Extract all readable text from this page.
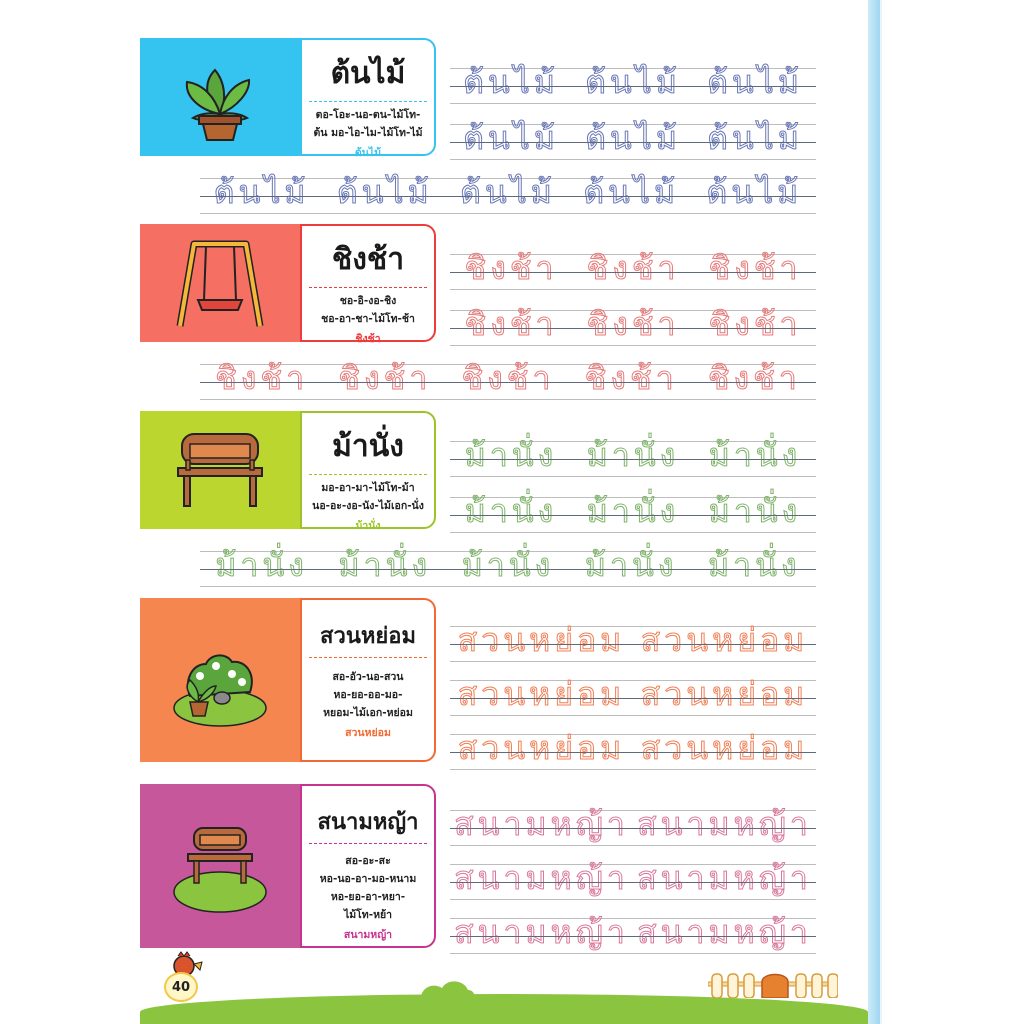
ต้นไม้
ตอ-โอะ-นอ-ตน-ไม้โท-
ต้น มอ-ไอ-ไม-ไม้โท-ไม้
ต้นไม้
ต้นไม้ ต้นไม้ ต้นไม้
ต้นไม้ ต้นไม้ ต้นไม้
ต้นไม้ ต้นไม้ ต้นไม้ ต้นไม้ ต้นไม้
ชิงช้า
ชอ-อิ-งอ-ชิง
ชอ-อา-ชา-ไม้โท-ช้า
ชิงช้า
ชิงช้า ชิงช้า ชิงช้า
ชิงช้า ชิงช้า ชิงช้า
ชิงช้า ชิงช้า ชิงช้า ชิงช้า ชิงช้า
ม้านั่ง
มอ-อา-มา-ไม้โท-ม้า
นอ-อะ-งอ-นัง-ไม้เอก-นั่ง
ม้านั่ง
ม้านั่ง ม้านั่ง ม้านั่ง
ม้านั่ง ม้านั่ง ม้านั่ง
ม้านั่ง ม้านั่ง ม้านั่ง ม้านั่ง ม้านั่ง
สวนหย่อม
สอ-อัว-นอ-สวน
หอ-ยอ-ออ-มอ-
หยอม-ไม้เอก-หย่อม
สวนหย่อม
สวนหย่อม สวนหย่อม
สวนหย่อม สวนหย่อม
สวนหย่อม สวนหย่อม
สนามหญ้า
สอ-อะ-สะ
หอ-นอ-อา-มอ-หนาม
หอ-ยอ-อา-หยา-
ไม้โท-หย้า
สนามหญ้า
สนามหญ้า สนามหญ้า
สนามหญ้า สนามหญ้า
สนามหญ้า สนามหญ้า
40
